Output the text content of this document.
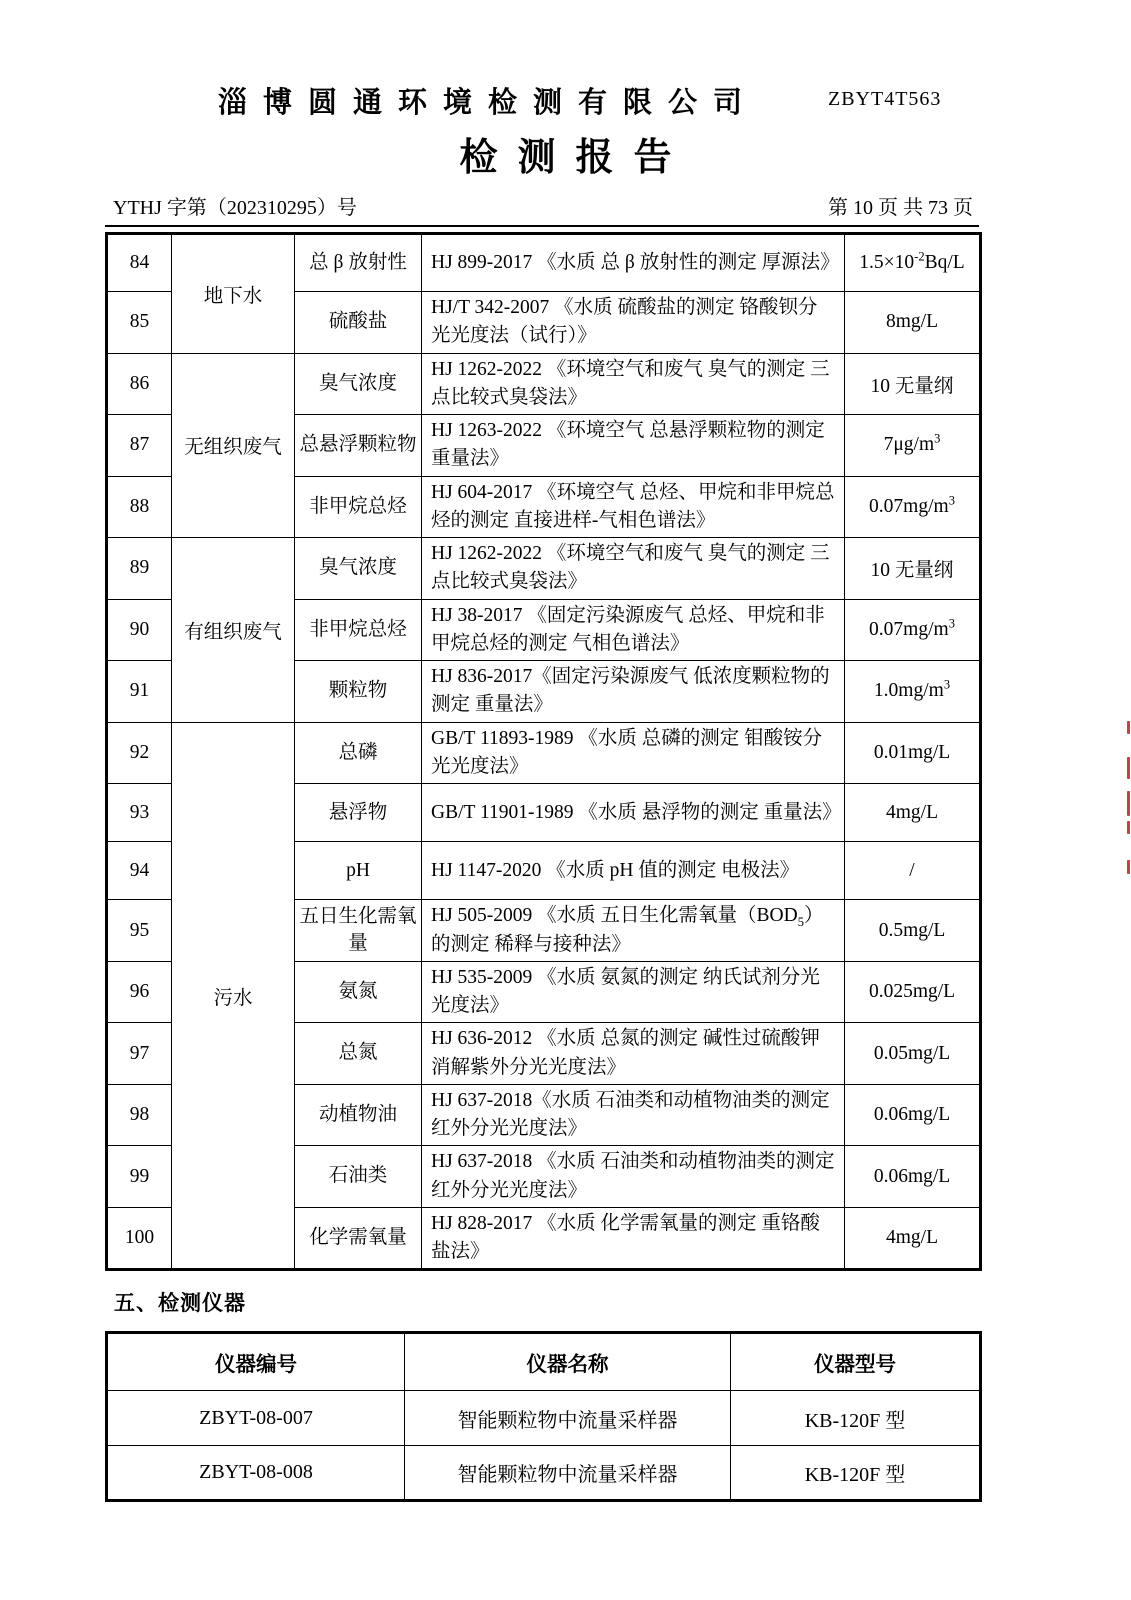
淄博圆通环境检测有限公司	ZBYT4T563
检测报告
YTHJ 字第（202310295）号	第 10 页 共 73 页
84	地下水	总 β 放射性	HJ 899-2017 《水质 总 β 放射性的测定 厚源法》	$1.5\times 10^{-2}Bq/L$
85		硫酸盐	HJ/T 342-2007 《水质 硫酸盐的测定 铬酸钡分光光度法（试行）》	8mg/L
86	无组织废气	臭气浓度	HJ 1262-2022 《环境空气和废气 臭气的测定 三点比较式臭袋法》	10 无量纲
87		总悬浮颗粒物	HJ 1263-2022 《环境空气 总悬浮颗粒物的测定 重量法》	$7\mu g/m^3$
88		非甲烷总烃	HJ 604-2017 《环境空气 总烃、甲烷和非甲烷总烃的测定 直接进样-气相色谱法》	$0.07mg/m^3$
89	有组织废气	臭气浓度	HJ 1262-2022 《环境空气和废气 臭气的测定 三点比较式臭袋法》	10 无量纲
90		非甲烷总烃	HJ 38-2017 《固定污染源废气 总烃、甲烷和非甲烷总烃的测定 气相色谱法》	$0.07mg/m^3$
91		颗粒物	HJ 836-2017《固定污染源废气 低浓度颗粒物的测定 重量法》	$1.0mg/m^3$
92	污水	总磷	GB/T 11893-1989 《水质 总磷的测定 钼酸铵分光光度法》	0.01mg/L
93		悬浮物	GB/T 11901-1989 《水质 悬浮物的测定 重量法》	4mg/L
94		pH	HJ 1147-2020 《水质 pH 值的测定 电极法》	/
95		五日生化需氧量	HJ 505-2009 《水质 五日生化需氧量$(BOD_5)$的测定 稀释与接种法》	0.5mg/L
96		氨氮	HJ 535-2009 《水质 氨氮的测定 纳氏试剂分光光度法》	0.025mg/L
97		总氮	HJ 636-2012 《水质 总氮的测定 碱性过硫酸钾消解紫外分光光度法》	0.05mg/L
98		动植物油	HJ 637-2018《水质 石油类和动植物油类的测定 红外分光光度法》	0.06mg/L
99		石油类	HJ 637-2018 《水质 石油类和动植物油类的测定 红外分光光度法》	0.06mg/L
100		化学需氧量	HJ 828-2017 《水质 化学需氧量的测定 重铬酸盐法》	4mg/L
五、检测仪器
仪器编号	仪器名称	仪器型号
ZBYT-08-007	智能颗粒物中流量采样器	KB-120F 型
ZBYT-08-008	智能颗粒物中流量采样器	KB-120F 型
